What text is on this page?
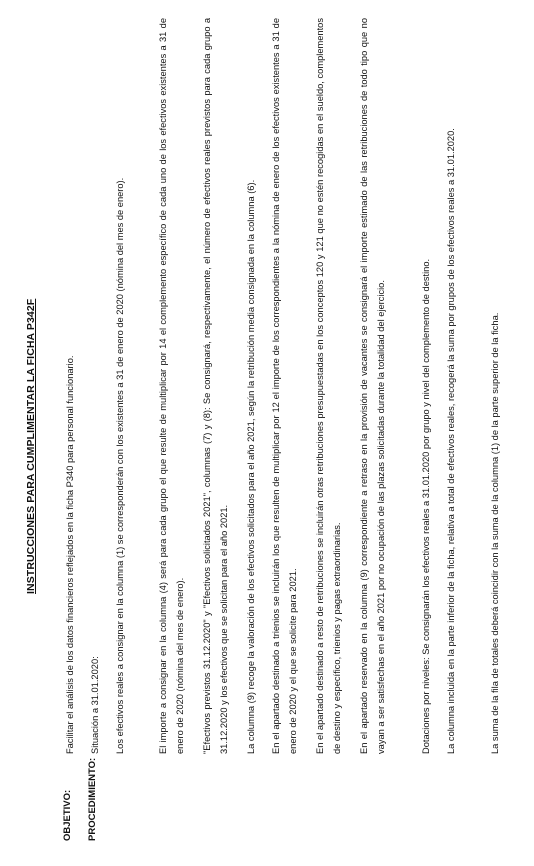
INSTRUCCIONES PARA CUMPLIMENTAR LA FICHA P342F
OBJETIVO:
Facilitar el análisis de los datos financieros reflejados en la ficha P340 para personal funcionario.
PROCEDIMIENTO:
Situación a 31.01.2020:	Los efectivos reales a consignar en la columna (1) se corresponderán con los existentes a 31 de enero de 2020 (nómina del mes de enero).	El importe a consignar en la columna (4) será para cada grupo el que resulte de multiplicar por 14 el complemento específico de cada uno de los efectivos existentes a 31 de enero de 2020 (nómina del mes de enero).	"Efectivos previstos 31.12.2020" y "Efectivos solicitados 2021", columnas (7) y (8): Se consignará, respectivamente, el número de efectivos reales previstos para cada grupo a 31.12.2020 y los efectivos que se solicitan para el año 2021.	La columna (9) recoge la valoración de los efectivos solicitados para el año 2021, según la retribución media consignada en la columna (6).	En el apartado destinado a trienios se incluirán los que resulten de multiplicar por 12 el importe de los correspondientes a la nómina de enero de los efectivos existentes a 31 de enero de 2020 y el que se solicite para 2021.	En el apartado destinado a resto de retribuciones se incluirán otras retribuciones presupuestadas en los conceptos 120 y 121 que no estén recogidas en el sueldo, complementos de destino y específico, trienios y pagas extraordinarias.	En el apartado reservado en la columna (9) correspondiente a retraso en la provisión de vacantes se consignará el importe estimado de las retribuciones de todo tipo que no vayan a ser satisfechas en el año 2021 por no ocupación de las plazas solicitadas durante la totalidad del ejercicio.	Dotaciones por niveles: Se consignarán los efectivos reales a 31.01.2020 por grupo y nivel del complemento de destino.	La columna incluida en la parte inferior de la ficha, relativa a total de efectivos reales, recogerá la suma por grupos de los efectivos reales a 31.01.2020.	La suma de la fila de totales deberá coincidir con la suma de la columna (1) de la parte superior de la ficha.
